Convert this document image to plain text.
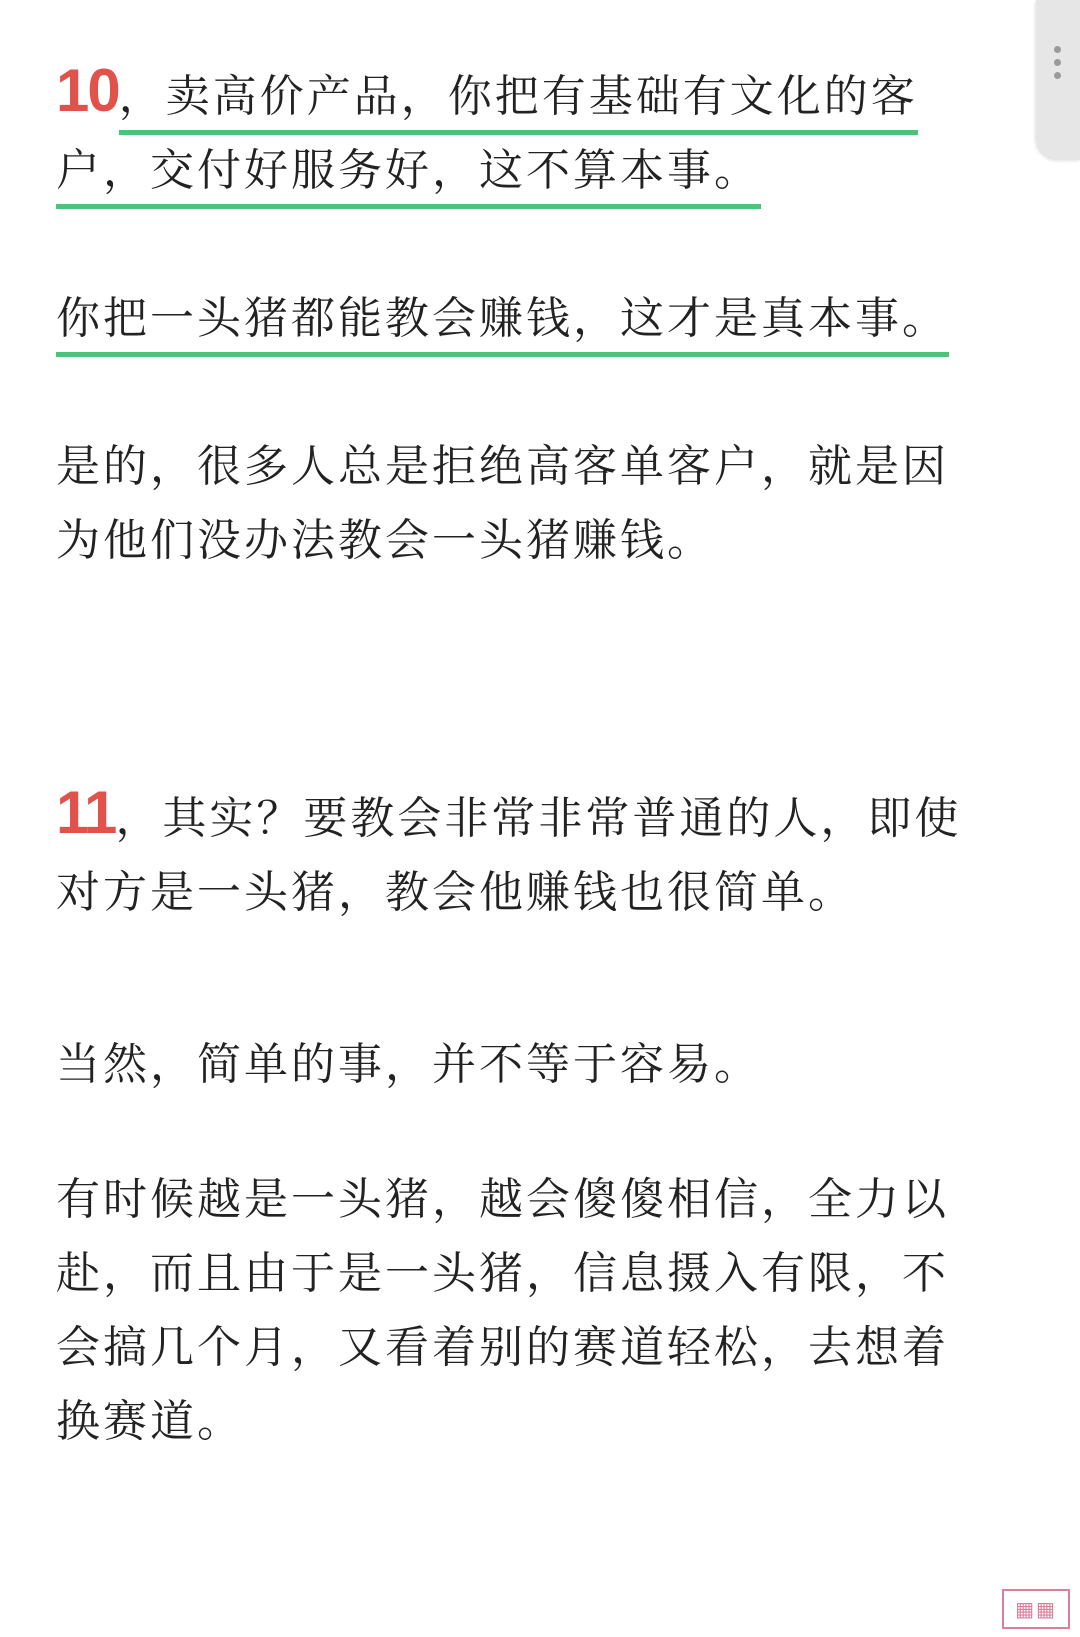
10，卖高价产品，你把有基础有文化的客

户，交付好服务好，这不算本事。

你把一头猪都能教会赚钱，这才是真本事。

是的，很多人总是拒绝高客单客户，就是因

为他们没办法教会一头猪赚钱。

11，其实？要教会非常非常普通的人，即使

对方是一头猪，教会他赚钱也很简单。

当然，简单的事，并不等于容易。

有时候越是一头猪，越会傻傻相信，全力以

赴，而且由于是一头猪，信息摄入有限，不

会搞几个月，又看着别的赛道轻松，去想着

换赛道。

▦▦
